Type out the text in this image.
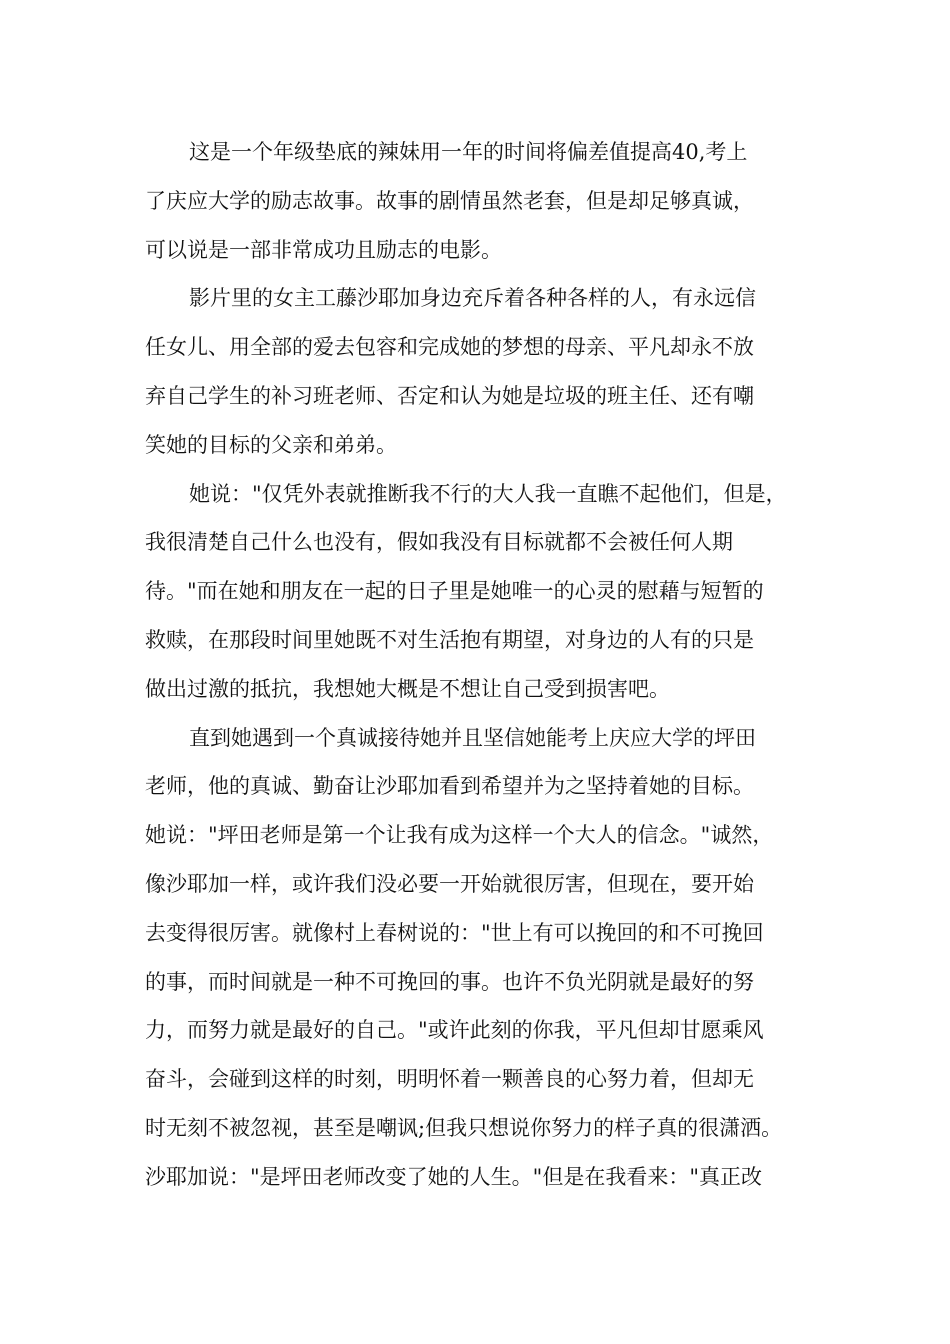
这是一个年级垫底的辣妹用一年的时间将偏差值提高40,考上
了庆应大学的励志故事。故事的剧情虽然老套，但是却足够真诚，
可以说是一部非常成功且励志的电影。
影片里的女主工藤沙耶加身边充斥着各种各样的人，有永远信
任女儿、用全部的爱去包容和完成她的梦想的母亲、平凡却永不放
弃自己学生的补习班老师、否定和认为她是垃圾的班主任、还有嘲
笑她的目标的父亲和弟弟。
她说："仅凭外表就推断我不行的大人我一直瞧不起他们，但是，
我很清楚自己什么也没有，假如我没有目标就都不会被任何人期
待。"而在她和朋友在一起的日子里是她唯一的心灵的慰藉与短暂的
救赎，在那段时间里她既不对生活抱有期望，对身边的人有的只是
做出过激的抵抗，我想她大概是不想让自己受到损害吧。
直到她遇到一个真诚接待她并且坚信她能考上庆应大学的坪田
老师，他的真诚、勤奋让沙耶加看到希望并为之坚持着她的目标。
她说："坪田老师是第一个让我有成为这样一个大人的信念。"诚然，
像沙耶加一样，或许我们没必要一开始就很厉害，但现在，要开始
去变得很厉害。就像村上春树说的："世上有可以挽回的和不可挽回
的事，而时间就是一种不可挽回的事。也许不负光阴就是最好的努
力，而努力就是最好的自己。"或许此刻的你我，平凡但却甘愿乘风
奋斗，会碰到这样的时刻，明明怀着一颗善良的心努力着，但却无
时无刻不被忽视，甚至是嘲讽;但我只想说你努力的样子真的很潇洒。
沙耶加说："是坪田老师改变了她的人生。"但是在我看来："真正改
